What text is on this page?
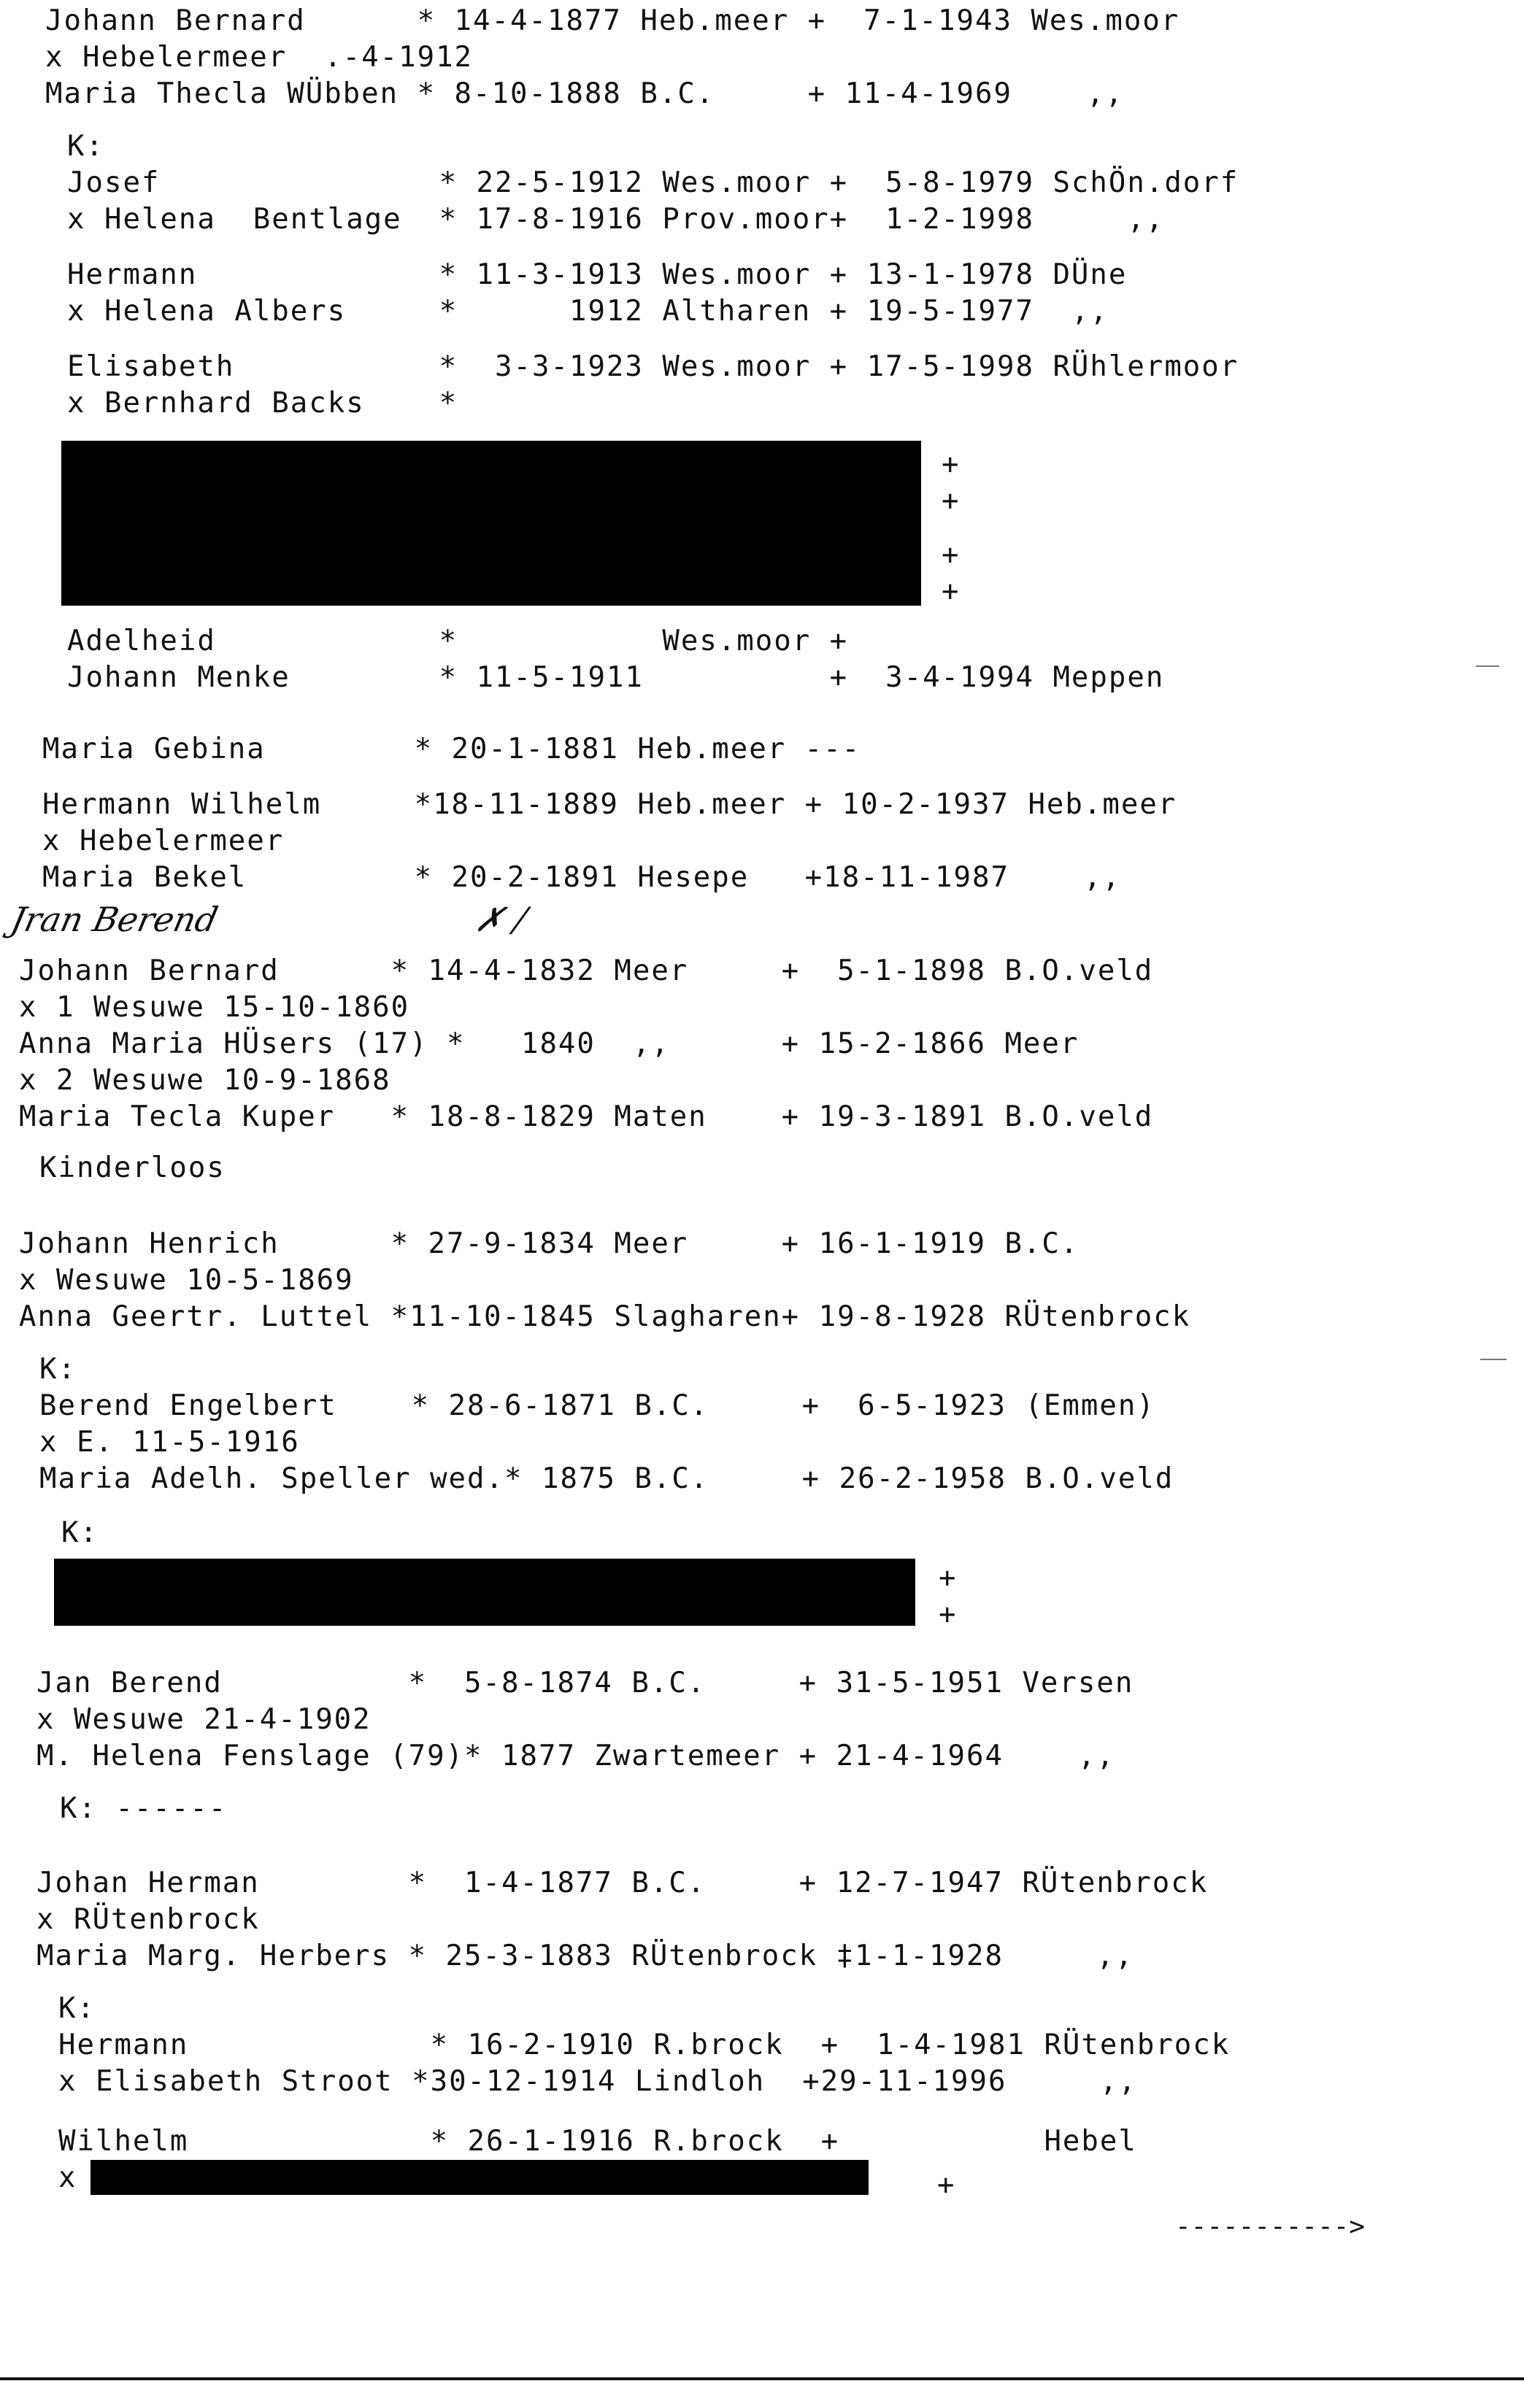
Johann Bernard      * 14-4-1877 Heb.meer +  7-1-1943 Wes.moor
x Hebelermeer  .-4-1912
Maria Thecla WÜbben * 8-10-1888 B.C.     + 11-4-1969    ,,
K:
Josef               * 22-5-1912 Wes.moor +  5-8-1979 SchÖn.dorf
x Helena  Bentlage  * 17-8-1916 Prov.moor+  1-2-1998     ,,
Hermann             * 11-3-1913 Wes.moor + 13-1-1978 DÜne
x Helena Albers     *      1912 Altharen + 19-5-1977  ,,
Elisabeth           *  3-3-1923 Wes.moor + 17-5-1998 RÜhlermoor
x Bernhard Backs    *
+
+
+
+
Adelheid            *           Wes.moor +
Johann Menke        * 11-5-1911          +  3-4-1994 Meppen
Maria Gebina        * 20-1-1881 Heb.meer ---
Hermann Wilhelm     *18-11-1889 Heb.meer + 10-2-1937 Heb.meer
x Hebelermeer
Maria Bekel         * 20-2-1891 Hesepe   +18-11-1987    ,,
Jran Berend	✗ /
Johann Bernard      * 14-4-1832 Meer     +  5-1-1898 B.O.veld
x 1 Wesuwe 15-10-1860
Anna Maria HÜsers (17) *   1840  ,,      + 15-2-1866 Meer
x 2 Wesuwe 10-9-1868
Maria Tecla Kuper   * 18-8-1829 Maten    + 19-3-1891 B.O.veld
Kinderloos
Johann Henrich      * 27-9-1834 Meer     + 16-1-1919 B.C.
x Wesuwe 10-5-1869
Anna Geertr. Luttel *11-10-1845 Slagharen+ 19-8-1928 RÜtenbrock
K:
Berend Engelbert    * 28-6-1871 B.C.     +  6-5-1923 (Emmen)
x E. 11-5-1916
Maria Adelh. Speller wed.* 1875 B.C.     + 26-2-1958 B.O.veld
K:
+
+
Jan Berend          *  5-8-1874 B.C.     + 31-5-1951 Versen
x Wesuwe 21-4-1902
M. Helena Fenslage (79)* 1877 Zwartemeer + 21-4-1964    ,,
K: ------
Johan Herman        *  1-4-1877 B.C.     + 12-7-1947 RÜtenbrock
x RÜtenbrock
Maria Marg. Herbers * 25-3-1883 RÜtenbrock ‡1-1-1928     ,,
K:
Hermann             * 16-2-1910 R.brock  +  1-4-1981 RÜtenbrock
x Elisabeth Stroot *30-12-1914 Lindloh  +29-11-1996     ,,
Wilhelm             * 26-1-1916 R.brock  +           Hebel
x	+
----------->
